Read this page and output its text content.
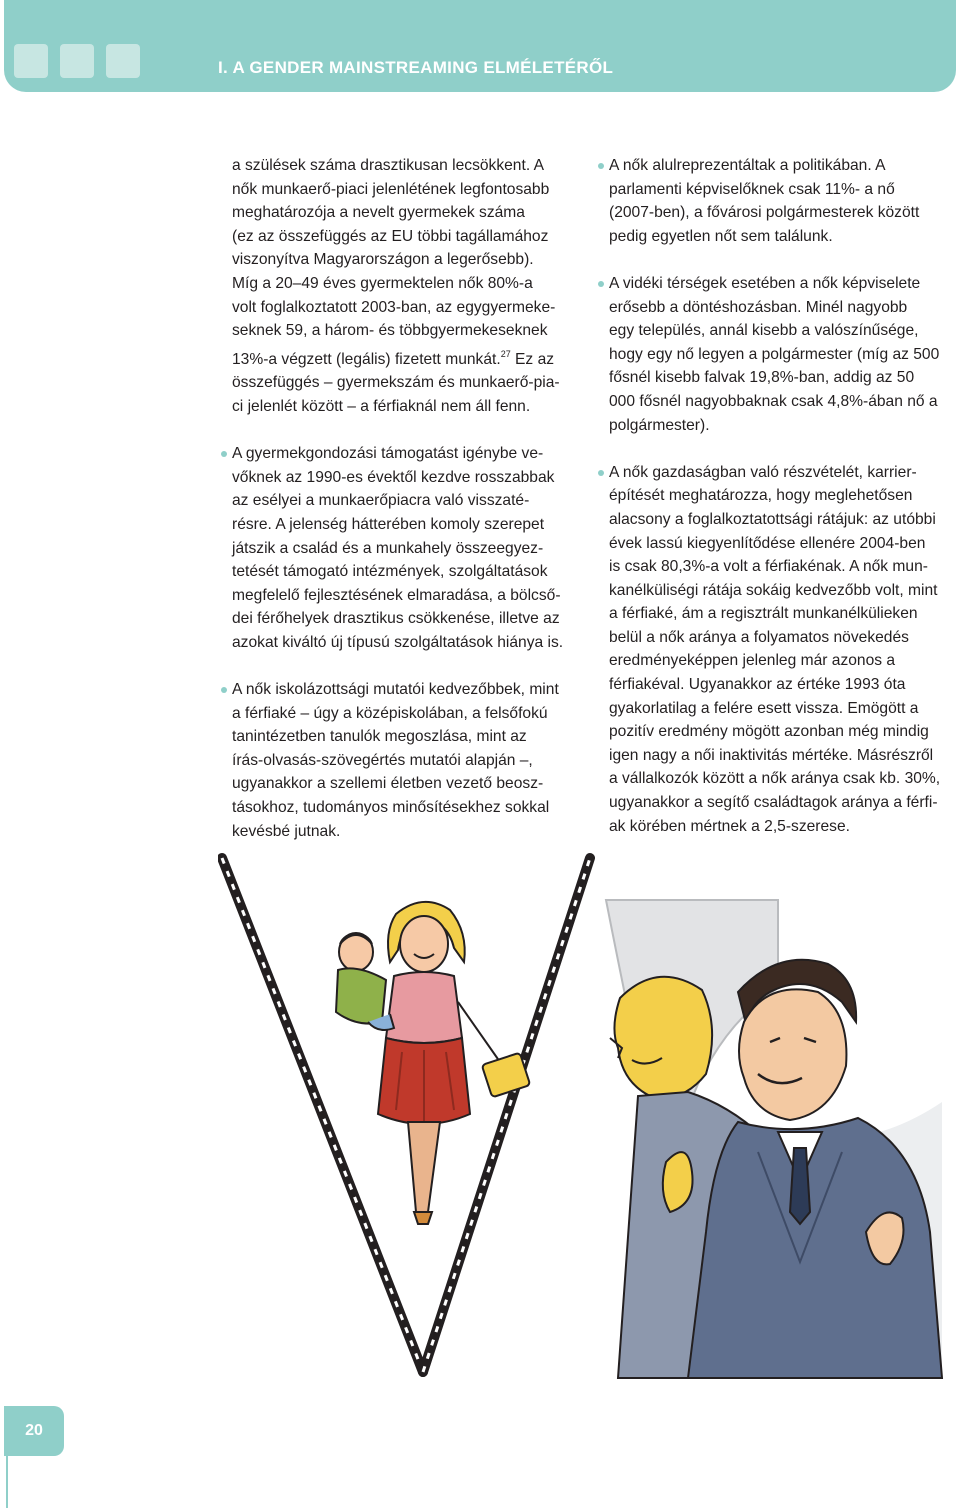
I. A GENDER MAINSTREAMING ELMÉLETÉRŐL

a szülések száma drasztikusan lecsökkent. A
nők munkaerő-piaci jelenlétének legfontosabb
meghatározója a nevelt gyermekek száma
(ez az összefüggés az EU többi tagállamához
viszonyítva Magyarországon a legerősebb).
Míg a 20–49 éves gyermektelen nők 80%-a
volt foglalkoztatott 2003-ban, az egygyermeke-
seknek 59, a három- és többgyermekeseknek
13%-a végzett (legális) fizetett munkát.$^{27}$ Ez az
összefüggés – gyermekszám és munkaerő-pia-
ci jelenlét között – a férfiaknál nem áll fenn.

A gyermekgondozási támogatást igénybe ve-
vőknek az 1990-es évektől kezdve rosszabbak
az esélyei a munkaerőpiacra való visszaté-
résre. A jelenség hátterében komoly szerepet
játszik a család és a munkahely összeegyez-
tetését támogató intézmények, szolgáltatások
megfelelő fejlesztésének elmaradása, a bölcső-
dei férőhelyek drasztikus csökkenése, illetve az
azokat kiváltó új típusú szolgáltatások hiánya is.

A nők iskolázottsági mutatói kedvezőbbek, mint
a férfiaké – úgy a középiskolában, a felsőfokú
tanintézetben tanulók megoszlása, mint az
írás-olvasás-szövegértés mutatói alapján –,
ugyanakkor a szellemi életben vezető beosz-
tásokhoz, tudományos minősítésekhez sokkal
kevésbé jutnak.

A nők alulreprezentáltak a politikában. A
parlamenti képviselőknek csak 11%- a nő
(2007-ben), a fővárosi polgármesterek között
pedig egyetlen nőt sem találunk.

A vidéki térségek esetében a nők képviselete
erősebb a döntéshozásban. Minél nagyobb
egy település, annál kisebb a valószínűsége,
hogy egy nő legyen a polgármester (míg az 500
fősnél kisebb falvak 19,8%-ban, addig az 50
000 fősnél nagyobbaknak csak 4,8%-ában nő a
polgármester).

A nők gazdaságban való részvételét, karrier-
építését meghatározza, hogy meglehetősen
alacsony a foglalkoztatottsági rátájuk: az utóbbi
évek lassú kiegyenlítődése ellenére 2004-ben
is csak 80,3%-a volt a férfiakénak. A nők mun-
kanélküliségi rátája sokáig kedvezőbb volt, mint
a férfiaké, ám a regisztrált munkanélkülieken
belül a nők aránya a folyamatos növekedés
eredményeképpen jelenleg már azonos a
férfiakéval. Ugyanakkor az értéke 1993 óta
gyakorlatilag a felére esett vissza. Emögött a
pozitív eredmény mögött azonban még mindig
igen nagy a női inaktivitás mértéke. Másrészről
a vállalkozók között a nők aránya csak kb. 30%,
ugyanakkor a segítő családtagok aránya a férfi-
ak körében mértnek a 2,5-szerese.

20
